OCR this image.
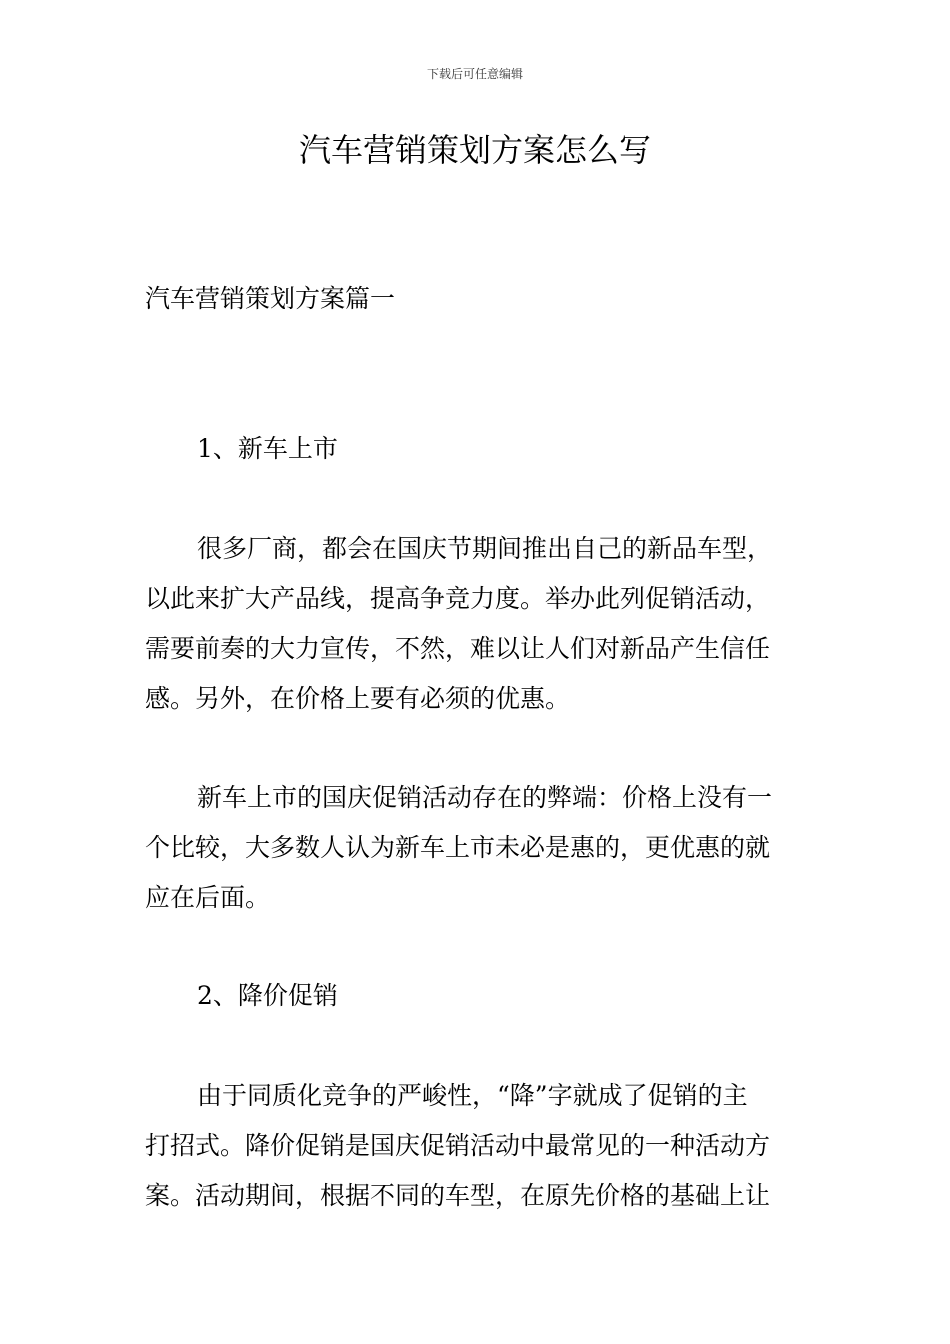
下载后可任意编辑
汽车营销策划方案怎么写

汽车营销策划方案篇一

1、新车上市

很多厂商，都会在国庆节期间推出自己的新品车型，
以此来扩大产品线，提高争竞力度。举办此列促销活动，
需要前奏的大力宣传，不然，难以让人们对新品产生信任
感。另外，在价格上要有必须的优惠。
新车上市的国庆促销活动存在的弊端：价格上没有一
个比较，大多数人认为新车上市未必是惠的，更优惠的就
应在后面。

2、降价促销

由于同质化竞争的严峻性，“降”字就成了促销的主
打招式。降价促销是国庆促销活动中最常见的一种活动方
案。活动期间，根据不同的车型，在原先价格的基础上让
